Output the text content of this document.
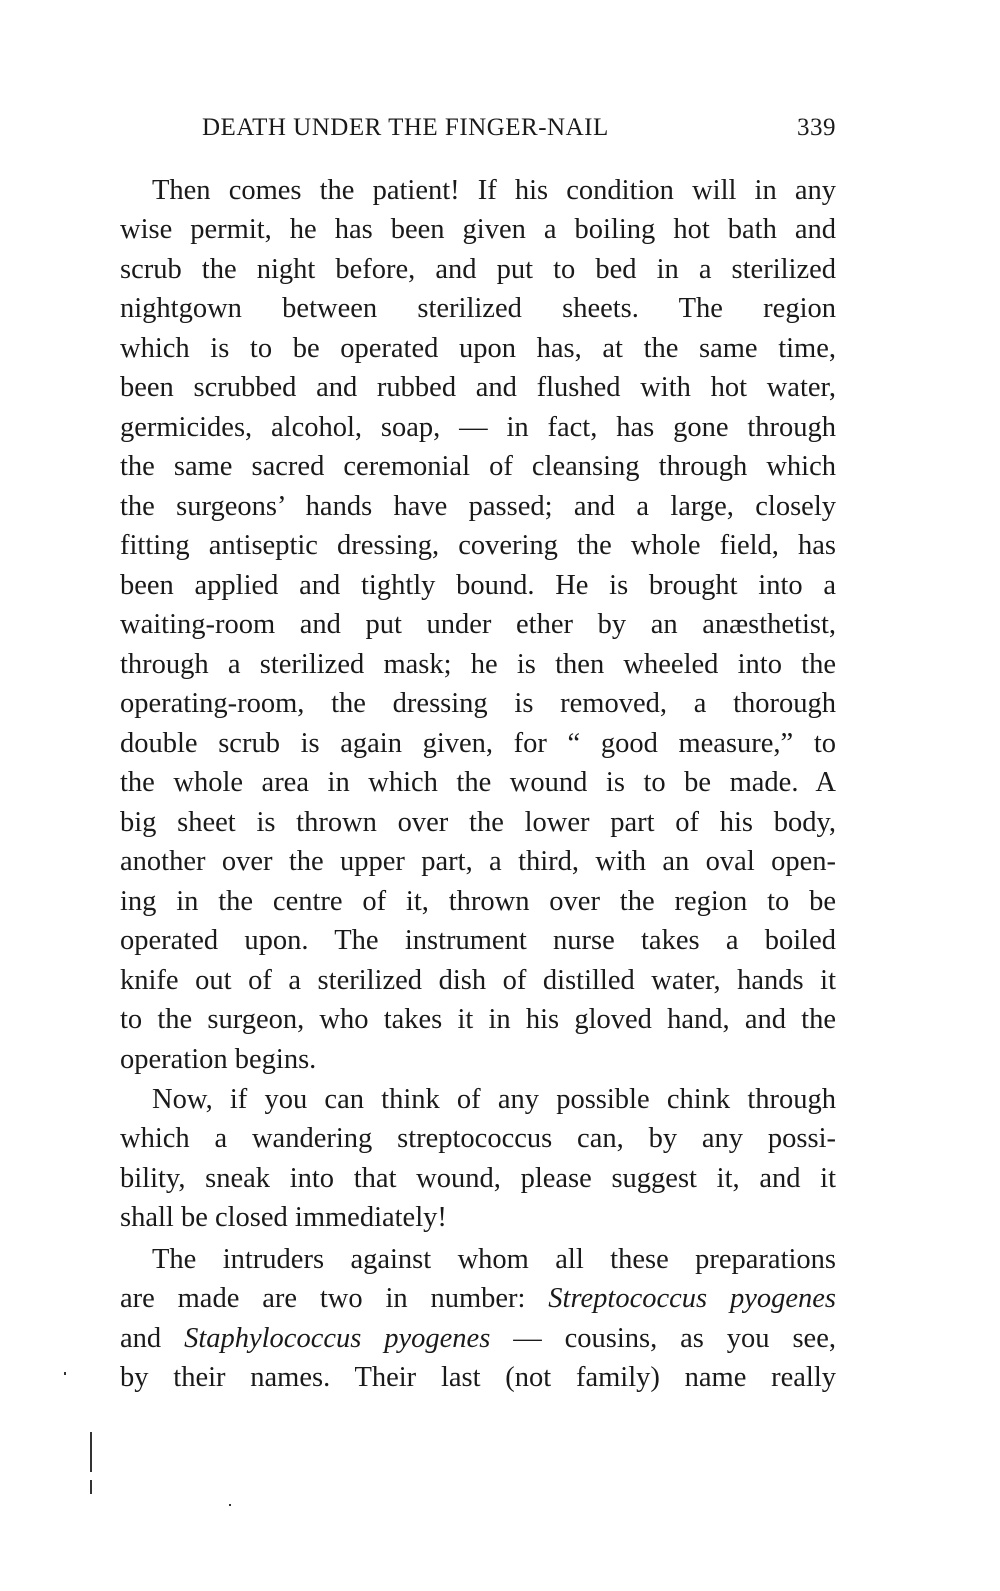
DEATH UNDER THE FINGER-NAIL	339
Then comes the patient! If his condition will in any
wise permit, he has been given a boiling hot bath and
scrub the night before, and put to bed in a sterilized
nightgown between sterilized sheets. The region
which is to be operated upon has, at the same time,
been scrubbed and rubbed and flushed with hot water,
germicides, alcohol, soap, — in fact, has gone through
the same sacred ceremonial of cleansing through which
the surgeons’ hands have passed; and a large, closely
fitting antiseptic dressing, covering the whole field, has
been applied and tightly bound. He is brought into a
waiting-room and put under ether by an anæsthetist,
through a sterilized mask; he is then wheeled into the
operating-room, the dressing is removed, a thorough
double scrub is again given, for “ good measure,” to
the whole area in which the wound is to be made. A
big sheet is thrown over the lower part of his body,
another over the upper part, a third, with an oval open-
ing in the centre of it, thrown over the region to be
operated upon. The instrument nurse takes a boiled
knife out of a sterilized dish of distilled water, hands it
to the surgeon, who takes it in his gloved hand, and the
operation begins.
Now, if you can think of any possible chink through
which a wandering streptococcus can, by any possi-
bility, sneak into that wound, please suggest it, and it
shall be closed immediately!
The intruders against whom all these preparations
are made are two in number: Streptococcus pyogenes
and Staphylococcus pyogenes — cousins, as you see,
by their names. Their last (not family) name really
